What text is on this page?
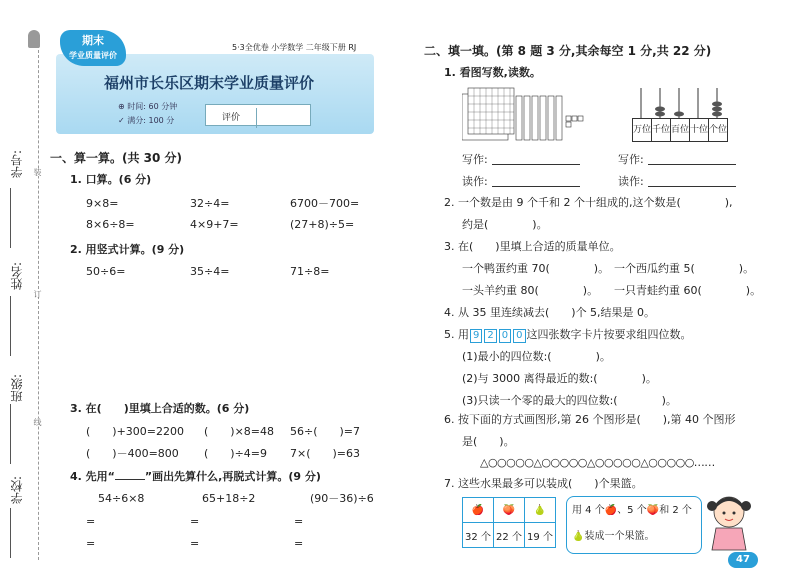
学号:
姓名:
班级:
学校:
装
订
线
5·3全优卷 小学数学 二年级下册 RJ
期末
学业质量评价
福州市长乐区期末学业质量评价
⊕ 时间: 60 分钟
✓ 满分: 100 分	评价
一、算一算。(共 30 分)
1. 口算。(6 分)
9×8=	32÷4=	6700－700=
8×6÷8=	4×9+7=	(27+8)÷5=
2. 用竖式计算。(9 分)
50÷6=	35÷4=	71÷8=
3. 在(　　)里填上合适的数。(6 分)
(　　)+300=2200 (　　)×8=48 56÷(　　)=7
(　　)－400=800 (　　)÷4=9 7×(　　)=63
4. 先用“	”画出先算什么,再脱式计算。(9 分)
54÷6×8	65+18÷2	(90－36)÷6
=	=	=
=	=	=
二、填一填。(第 8 题 3 分,其余每空 1 分,共 22 分)
1. 看图写数,读数。
万位	千位	百位	十位	个位
写作:
读作:
写作:
读作:
2. 一个数是由 9 个千和 2 个十组成的,这个数是(　　　　),
约是(　　　　)。
3. 在(　　)里填上合适的质量单位。
一个鸭蛋约重 70(　　　　)。 一个西瓜约重 5(　　　　)。
一头羊约重 80(　　　　)。 一只青蛙约重 60(　　　　)。
4. 从 35 里连续减去(　　)个 5,结果是 0。
5. 用 9 2 0 0 这四张数字卡片按要求组四位数。
(1)最小的四位数:(　　　　)。
(2)与 3000 离得最近的数:(　　　　)。
(3)只读一个零的最大的四位数:(　　　　)。
6. 按下面的方式画图形,第 26 个图形是(　　),第 40 个图形
是(　　)。
△○○○○○△○○○○○△○○○○○△○○○○○……
7. 这些水果最多可以装成(　　)个果篮。
🍎	🍑	🍐
32 个	22 个	19 个
用 4 个🍎、5 个🍑和 2 个
🍐装成一个果篮。
47
